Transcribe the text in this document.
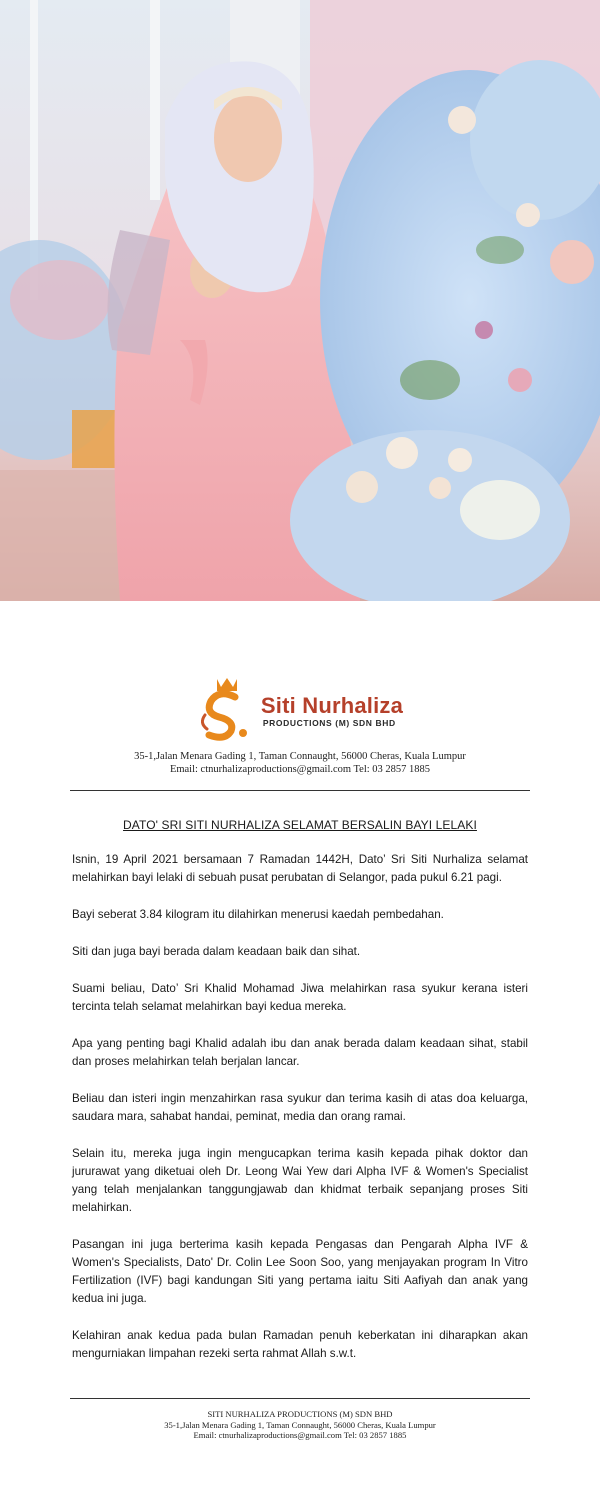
Siti Nurhaliza
PRODUCTIONS (M) SDN BHD
35-1,Jalan Menara Gading 1, Taman Connaught, 56000 Cheras, Kuala Lumpur
Email: ctnurhalizaproductions@gmail.com Tel: 03 2857 1885
DATO' SRI SITI NURHALIZA SELAMAT BERSALIN BAYI LELAKI

Isnin, 19 April 2021 bersamaan 7 Ramadan 1442H, Dato’ Sri Siti Nurhaliza selamat melahirkan bayi lelaki di sebuah pusat perubatan di Selangor, pada pukul 6.21 pagi.

Bayi seberat 3.84 kilogram itu dilahirkan menerusi kaedah pembedahan.

Siti dan juga bayi berada dalam keadaan baik dan sihat.

Suami beliau, Dato’ Sri Khalid Mohamad Jiwa melahirkan rasa syukur kerana isteri tercinta telah selamat melahirkan bayi kedua mereka.

Apa yang penting bagi Khalid adalah ibu dan anak berada dalam keadaan sihat, stabil dan proses melahirkan telah berjalan lancar.

Beliau dan isteri ingin menzahirkan rasa syukur dan terima kasih di atas doa keluarga, saudara mara, sahabat handai, peminat, media dan orang ramai.

Selain itu, mereka juga ingin mengucapkan terima kasih kepada pihak doktor dan jururawat yang diketuai oleh Dr. Leong Wai Yew dari Alpha IVF & Women's Specialist yang telah menjalankan tanggungjawab dan khidmat terbaik sepanjang proses Siti melahirkan.

Pasangan ini juga berterima kasih kepada Pengasas dan Pengarah Alpha IVF & Women's Specialists, Dato' Dr. Colin Lee Soon Soo, yang menjayakan program In Vitro Fertilization (IVF) bagi kandungan Siti yang pertama iaitu Siti Aafiyah dan anak yang kedua ini juga.

Kelahiran anak kedua pada bulan Ramadan penuh keberkatan ini diharapkan akan mengurniakan limpahan rezeki serta rahmat Allah s.w.t.

SITI NURHALIZA PRODUCTIONS (M) SDN BHD
35-1,Jalan Menara Gading 1, Taman Connaught, 56000 Cheras, Kuala Lumpur
Email: ctnurhalizaproductions@gmail.com Tel: 03 2857 1885
